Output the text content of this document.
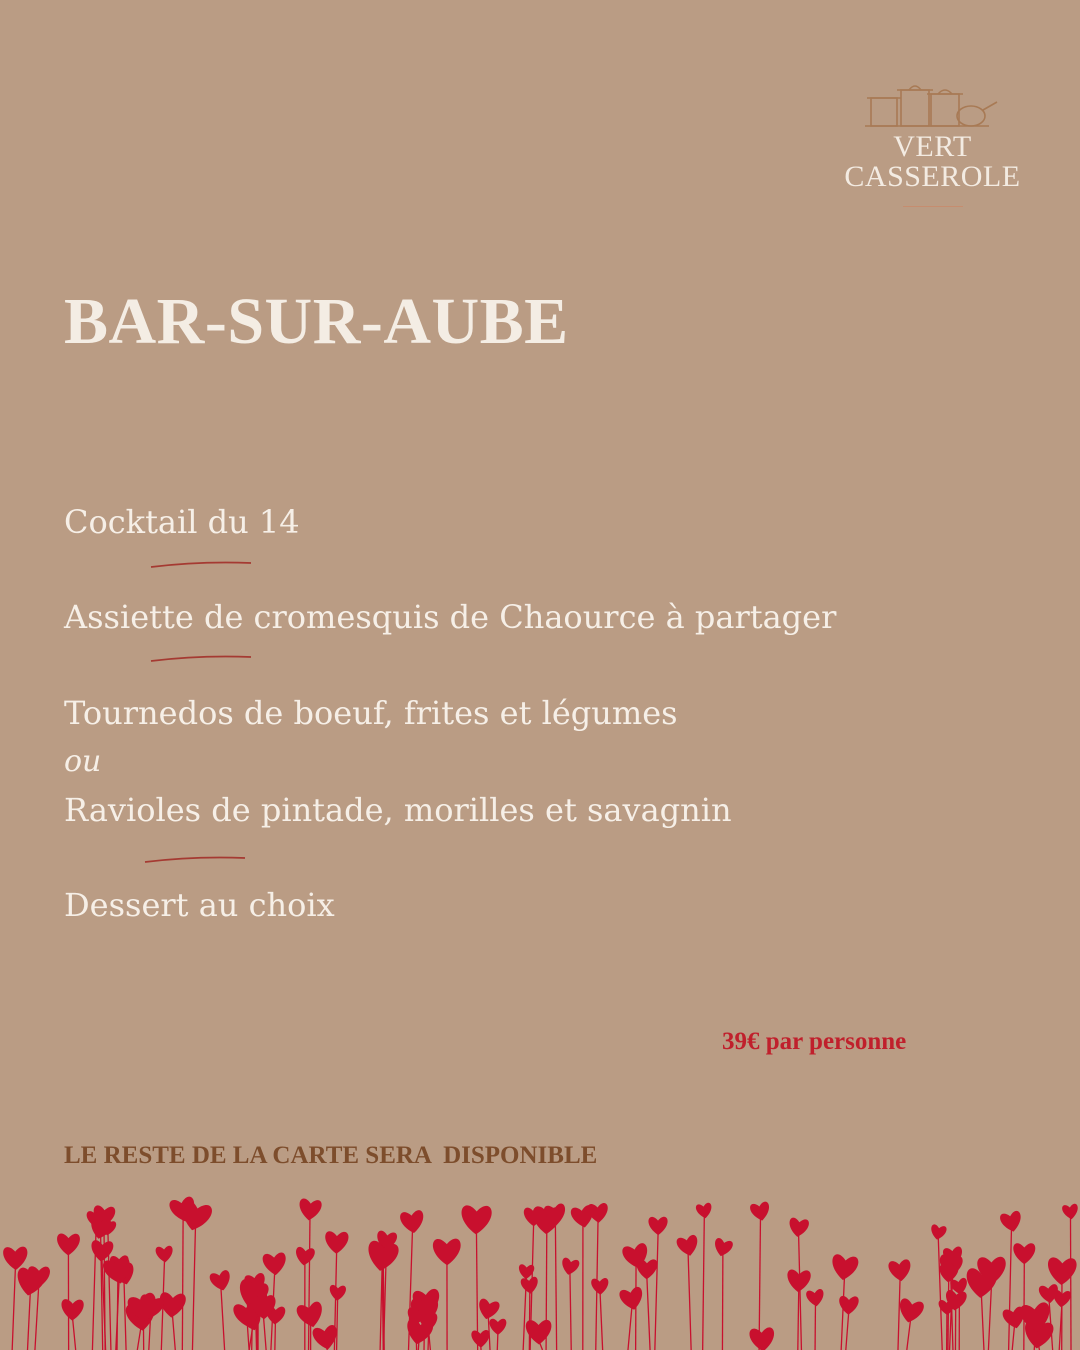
VERT
CASSEROLE
BAR-SUR-AUBE

Cocktail du 14

Assiette de cromesquis de Chaource à partager

Tournedos de boeuf, frites et légumes

ou

Ravioles de pintade, morilles et savagnin

Dessert au choix

39€ par personne

LE RESTE DE LA CARTE SERA  DISPONIBLE
